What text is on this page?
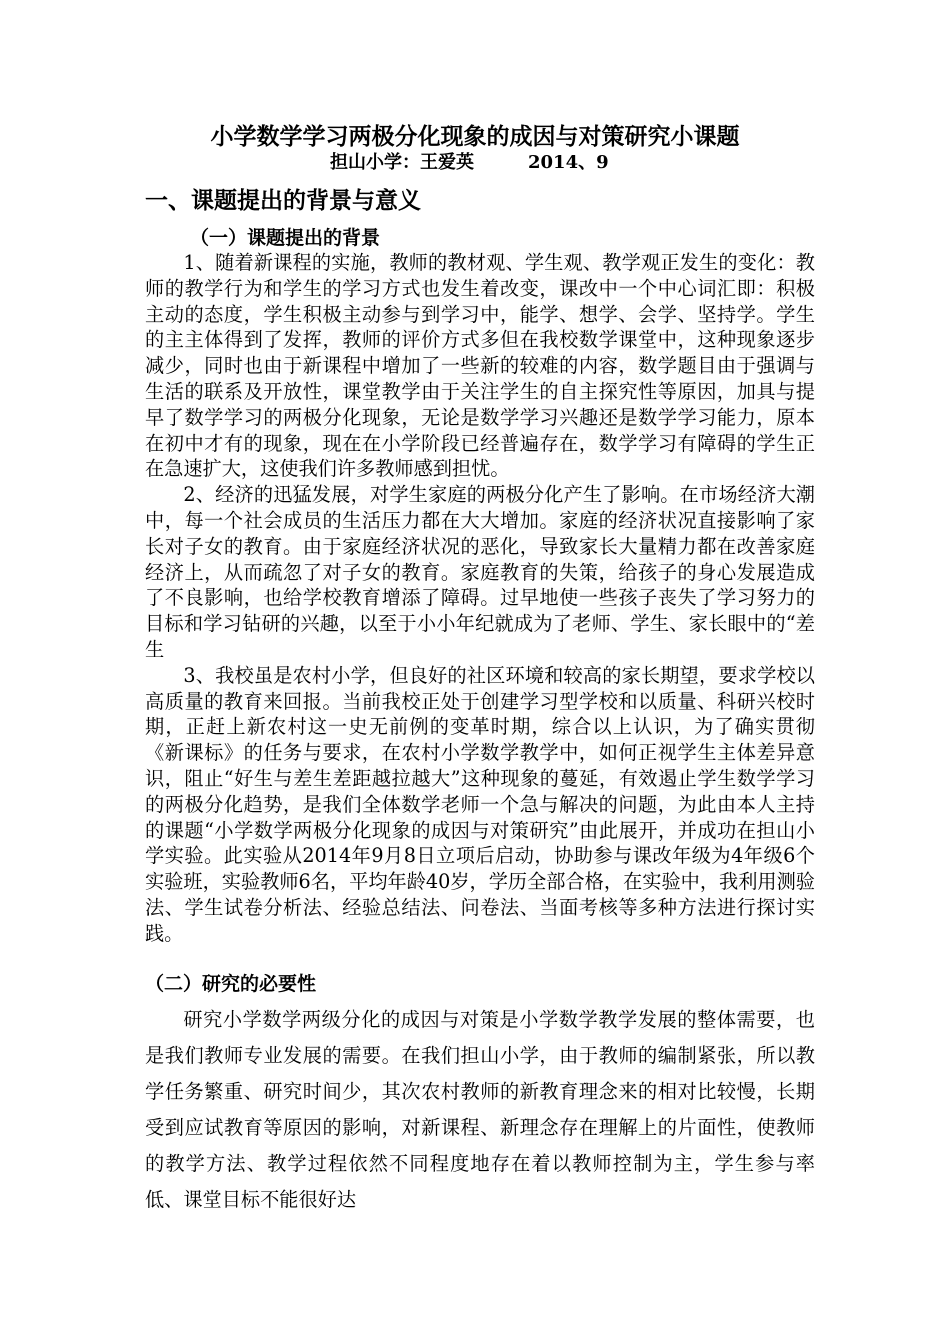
小学数学学习两极分化现象的成因与对策研究小课题
担山小学：王爱英	2014、9
一、课题提出的背景与意义
（一）课题提出的背景

1、随着新课程的实施，教师的教材观、学生观、教学观正发生的变化：教师的教学行为和学生的学习方式也发生着改变，课改中一个中心词汇即：积极主动的态度，学生积极主动参与到学习中，能学、想学、会学、坚持学。学生的主主体得到了发挥，教师的评价方式多但在我校数学课堂中，这种现象逐步减少，同时也由于新课程中增加了一些新的较难的内容，数学题目由于强调与生活的联系及开放性，课堂教学由于关注学生的自主探究性等原因，加具与提早了数学学习的两极分化现象，无论是数学学习兴趣还是数学学习能力，原本在初中才有的现象，现在在小学阶段已经普遍存在，数学学习有障碍的学生正在急速扩大，这使我们许多教师感到担忧。

2、经济的迅猛发展，对学生家庭的两极分化产生了影响。在市场经济大潮中，每一个社会成员的生活压力都在大大增加。家庭的经济状况直接影响了家长对子女的教育。由于家庭经济状况的恶化，导致家长大量精力都在改善家庭经济上，从而疏忽了对子女的教育。家庭教育的失策，给孩子的身心发展造成了不良影响，也给学校教育增添了障碍。过早地使一些孩子丧失了学习努力的目标和学习钻研的兴趣，以至于小小年纪就成为了老师、学生、家长眼中的“差生

3、我校虽是农村小学，但良好的社区环境和较高的家长期望，要求学校以高质量的教育来回报。当前我校正处于创建学习型学校和以质量、科研兴校时期，正赶上新农村这一史无前例的变革时期，综合以上认识，为了确实贯彻《新课标》的任务与要求，在农村小学数学教学中，如何正视学生主体差异意识，阻止“好生与差生差距越拉越大”这种现象的蔓延，有效遏止学生数学学习的两极分化趋势，是我们全体数学老师一个急与解决的问题，为此由本人主持的课题“小学数学两极分化现象的成因与对策研究”由此展开，并成功在担山小学实验。此实验从2014年9月8日立项后启动，协助参与课改年级为4年级6个实验班，实验教师6名，平均年龄40岁，学历全部合格，在实验中，我利用测验法、学生试卷分析法、经验总结法、问卷法、当面考核等多种方法进行探讨实践。

（二）研究的必要性

研究小学数学两级分化的成因与对策是小学数学教学发展的整体需要，也是我们教师专业发展的需要。在我们担山小学，由于教师的编制紧张，所以教学任务繁重、研究时间少，其次农村教师的新教育理念来的相对比较慢，长期受到应试教育等原因的影响，对新课程、新理念存在理解上的片面性，使教师的教学方法、教学过程依然不同程度地存在着以教师控制为主，学生参与率低、课堂目标不能很好达
